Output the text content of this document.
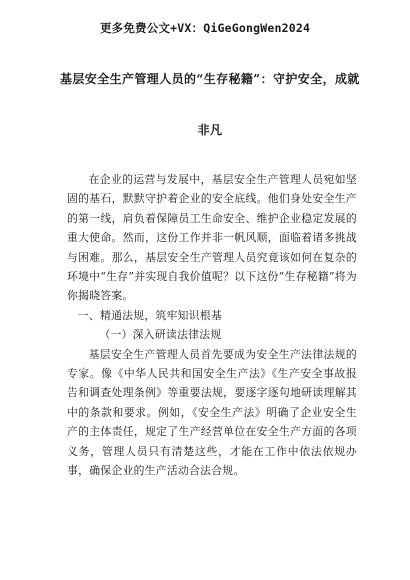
更多免费公文+VX：QiGeGongWen2024
基层安全生产管理人员的“生存秘籍”：守护安全，成就
非凡

在企业的运营与发展中，基层安全生产管理人员宛如坚固的基石，默默守护着企业的安全底线。他们身处安全生产的第一线，肩负着保障员工生命安全、维护企业稳定发展的重大使命。然而，这份工作并非一帆风顺，面临着诸多挑战与困难。那么，基层安全生产管理人员究竟该如何在复杂的环境中“生存”并实现自我价值呢？以下这份“生存秘籍”将为你揭晓答案。

一、精通法规，筑牢知识根基
（一）深入研读法律法规

基层安全生产管理人员首先要成为安全生产法律法规的专家。像《中华人民共和国安全生产法》《生产安全事故报告和调查处理条例》等重要法规，要逐字逐句地研读理解其中的条款和要求。例如，《安全生产法》明确了企业安全生产的主体责任，规定了生产经营单位在安全生产方面的各项义务，管理人员只有清楚这些，才能在工作中依法依规办事，确保企业的生产活动合法合规。
